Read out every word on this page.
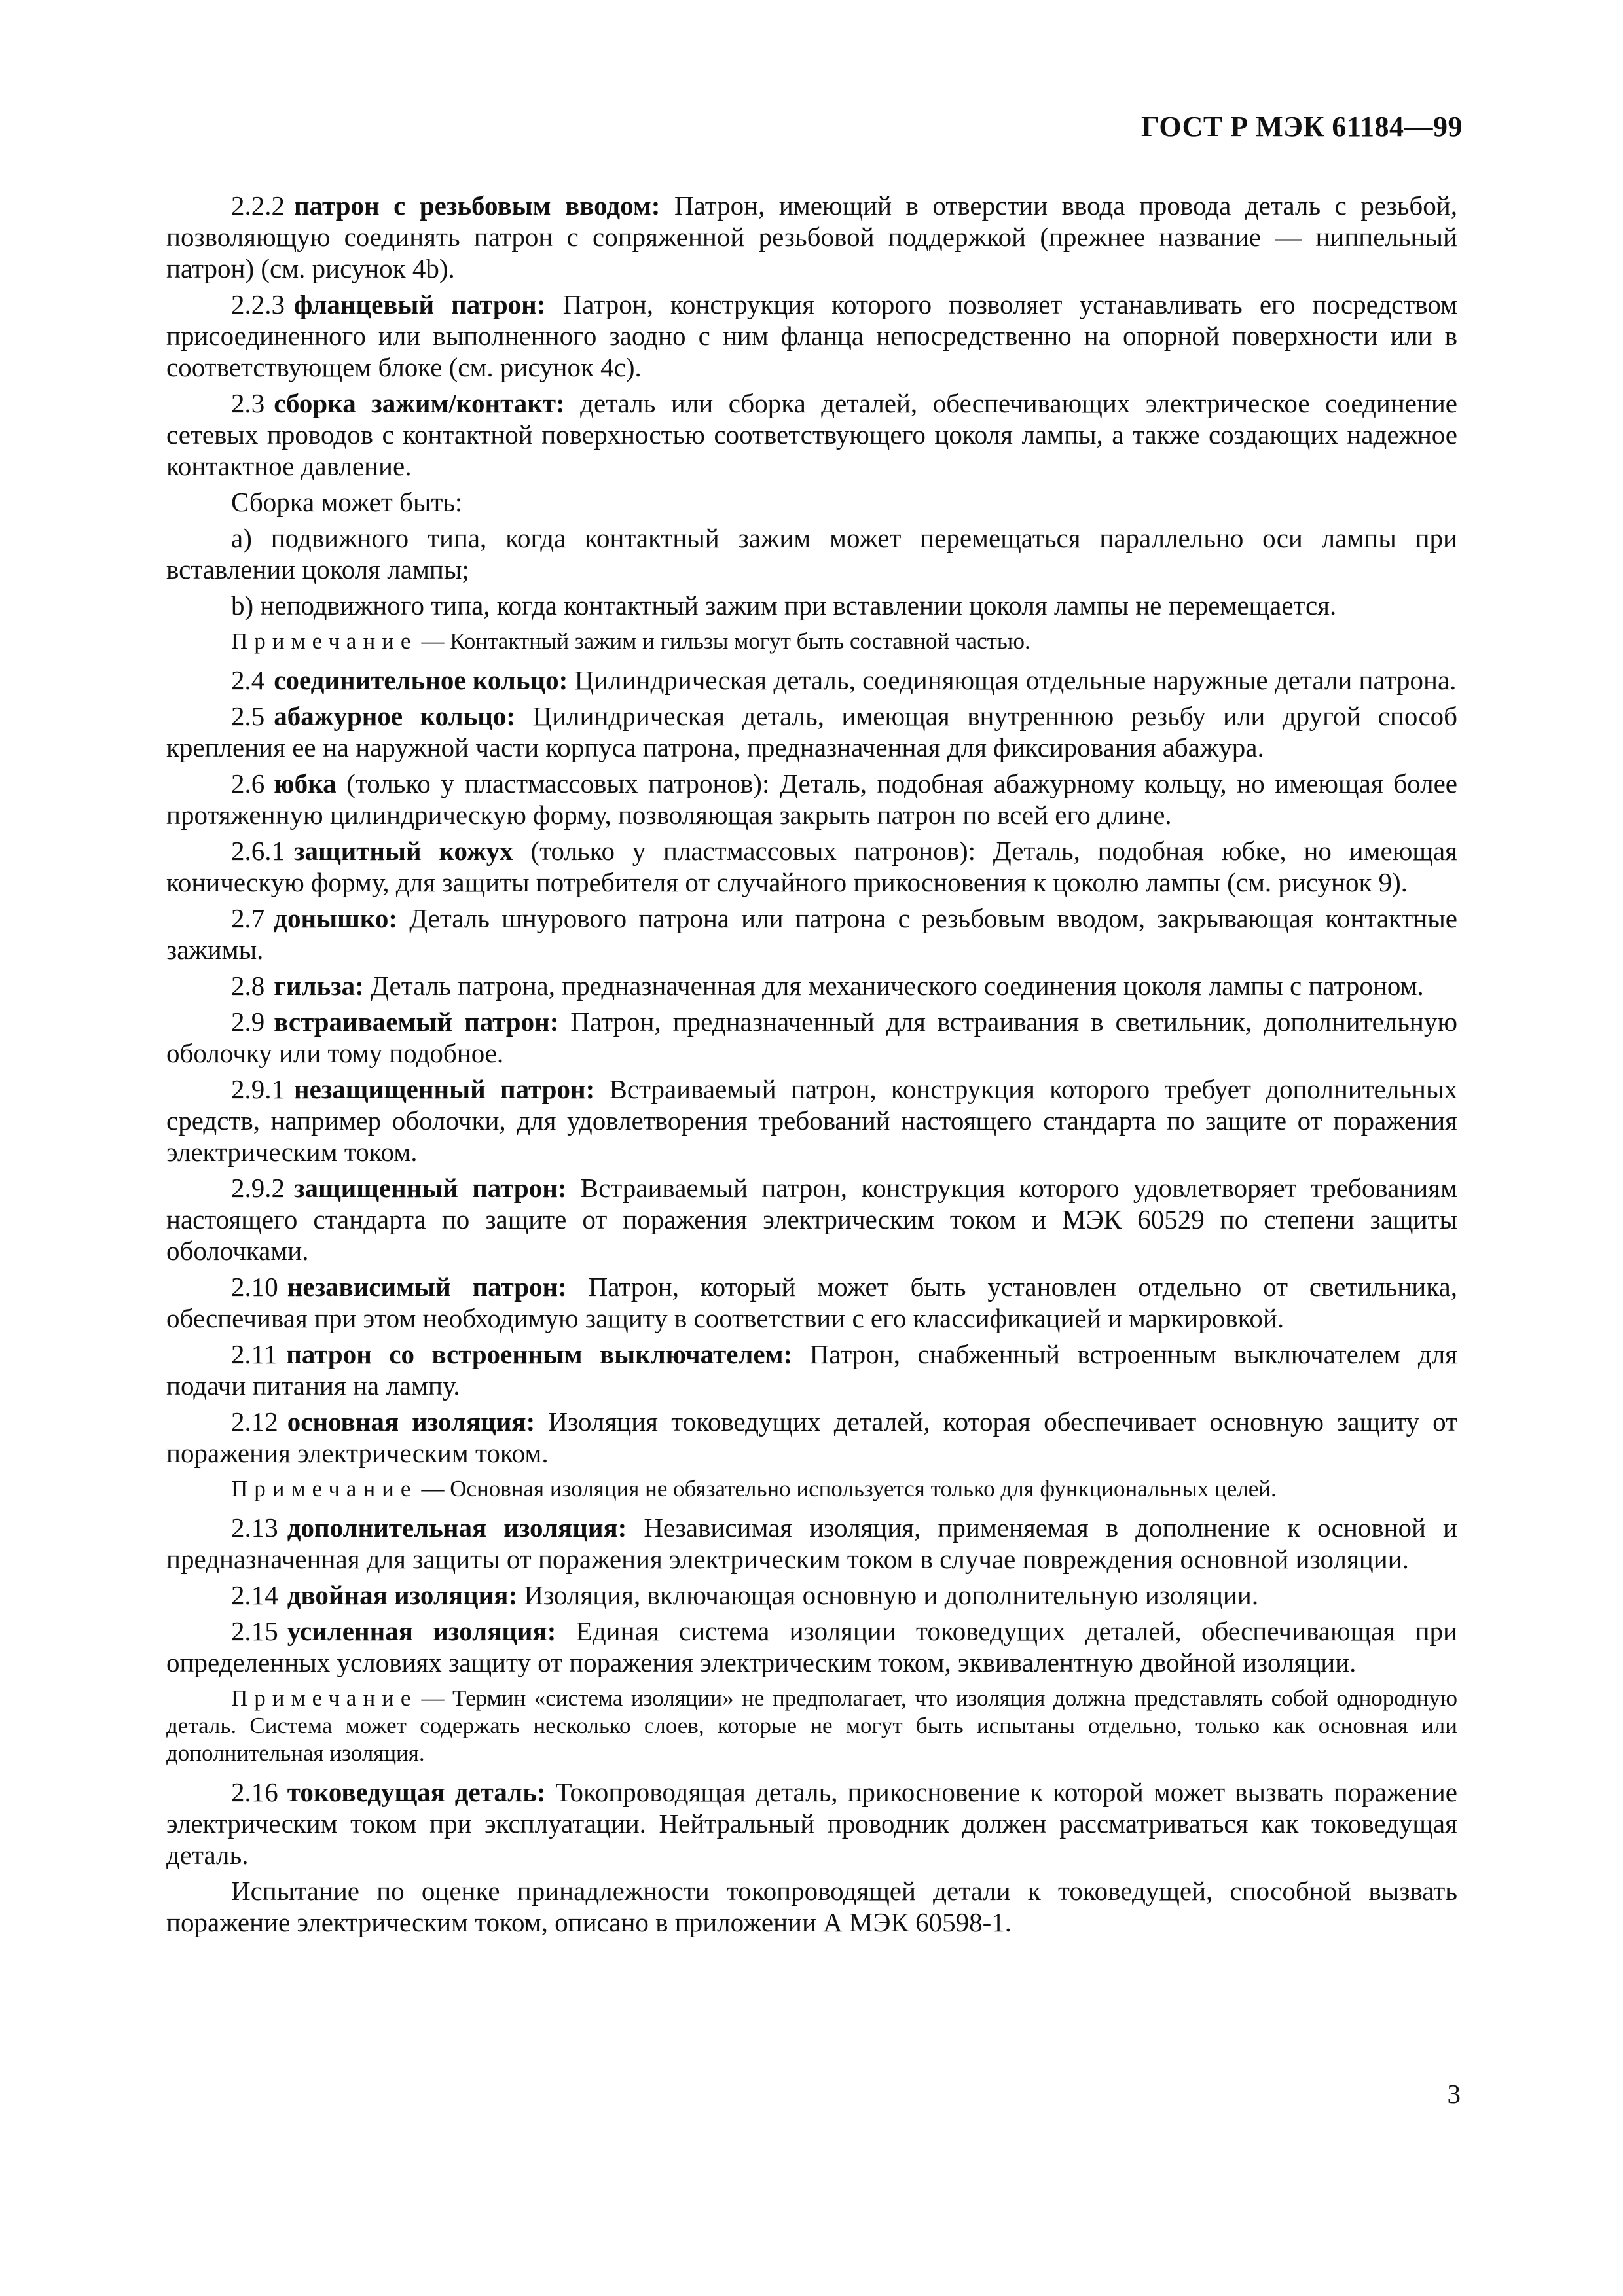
ГОСТ Р МЭК 61184—99

2.2.2 патрон с резьбовым вводом: Патрон, имеющий в отверстии ввода провода деталь с резьбой, позволяющую соединять патрон с сопряженной резьбовой поддержкой (прежнее название — ниппельный патрон) (см. рисунок 4b).

2.2.3 фланцевый патрон: Патрон, конструкция которого позволяет устанавливать его посредством присоединенного или выполненного заодно с ним фланца непосредственно на опорной поверхности или в соответствующем блоке (см. рисунок 4c).

2.3 сборка зажим/контакт: деталь или сборка деталей, обеспечивающих электрическое соединение сетевых проводов с контактной поверхностью соответствующего цоколя лампы, а также создающих надежное контактное давление.

Сборка может быть:

a) подвижного типа, когда контактный зажим может перемещаться параллельно оси лампы при вставлении цоколя лампы;

b) неподвижного типа, когда контактный зажим при вставлении цоколя лампы не перемещается.

Примечание — Контактный зажим и гильзы могут быть составной частью.

2.4 соединительное кольцо: Цилиндрическая деталь, соединяющая отдельные наружные детали патрона.

2.5 абажурное кольцо: Цилиндрическая деталь, имеющая внутреннюю резьбу или другой способ крепления ее на наружной части корпуса патрона, предназначенная для фиксирования абажура.

2.6 юбка (только у пластмассовых патронов): Деталь, подобная абажурному кольцу, но имеющая более протяженную цилиндрическую форму, позволяющая закрыть патрон по всей его длине.

2.6.1 защитный кожух (только у пластмассовых патронов): Деталь, подобная юбке, но имеющая коническую форму, для защиты потребителя от случайного прикосновения к цоколю лампы (см. рисунок 9).

2.7 донышко: Деталь шнурового патрона или патрона с резьбовым вводом, закрывающая контактные зажимы.

2.8 гильза: Деталь патрона, предназначенная для механического соединения цоколя лампы с патроном.

2.9 встраиваемый патрон: Патрон, предназначенный для встраивания в светильник, дополнительную оболочку или тому подобное.

2.9.1 незащищенный патрон: Встраиваемый патрон, конструкция которого требует дополнительных средств, например оболочки, для удовлетворения требований настоящего стандарта по защите от поражения электрическим током.

2.9.2 защищенный патрон: Встраиваемый патрон, конструкция которого удовлетворяет требованиям настоящего стандарта по защите от поражения электрическим током и МЭК 60529 по степени защиты оболочками.

2.10 независимый патрон: Патрон, который может быть установлен отдельно от светильника, обеспечивая при этом необходимую защиту в соответствии с его классификацией и маркировкой.

2.11 патрон со встроенным выключателем: Патрон, снабженный встроенным выключателем для подачи питания на лампу.

2.12 основная изоляция: Изоляция токоведущих деталей, которая обеспечивает основную защиту от поражения электрическим током.

Примечание — Основная изоляция не обязательно используется только для функциональных целей.

2.13 дополнительная изоляция: Независимая изоляция, применяемая в дополнение к основной и предназначенная для защиты от поражения электрическим током в случае повреждения основной изоляции.

2.14 двойная изоляция: Изоляция, включающая основную и дополнительную изоляции.

2.15 усиленная изоляция: Единая система изоляции токоведущих деталей, обеспечивающая при определенных условиях защиту от поражения электрическим током, эквивалентную двойной изоляции.

Примечание — Термин «система изоляции» не предполагает, что изоляция должна представлять собой однородную деталь. Система может содержать несколько слоев, которые не могут быть испытаны отдельно, только как основная или дополнительная изоляция.

2.16 токоведущая деталь: Токопроводящая деталь, прикосновение к которой может вызвать поражение электрическим током при эксплуатации. Нейтральный проводник должен рассматриваться как токоведущая деталь.

Испытание по оценке принадлежности токопроводящей детали к токоведущей, способной вызвать поражение электрическим током, описано в приложении А МЭК 60598-1.

3
